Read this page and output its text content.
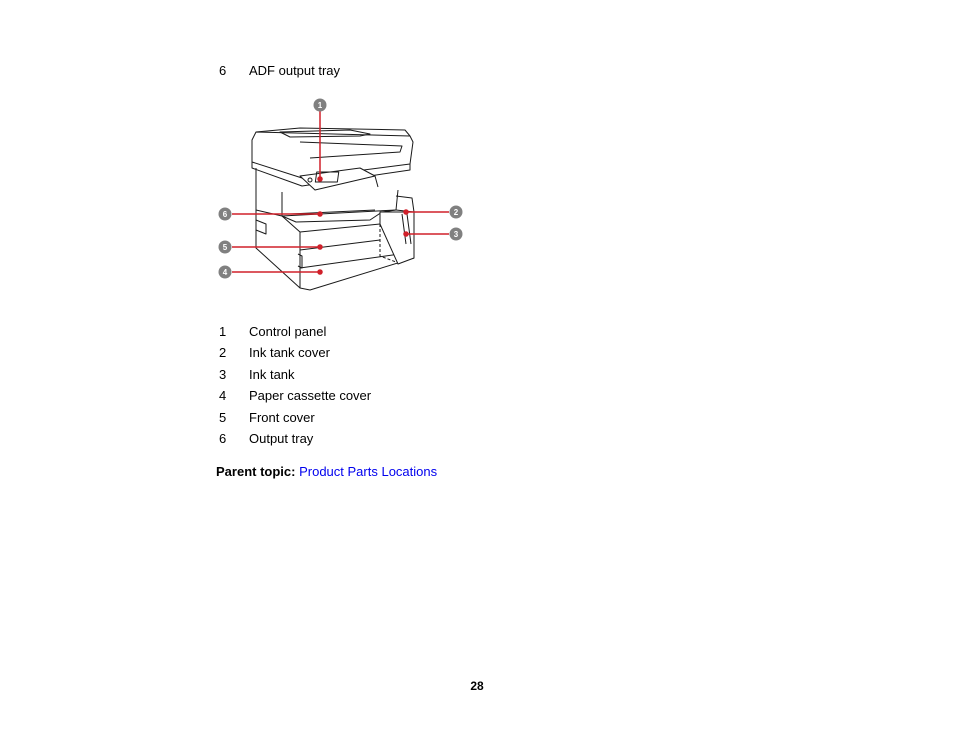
6 ADF output tray
1
2
3
4
5
6
1 Control panel
2 Ink tank cover
3 Ink tank
4 Paper cassette cover
5 Front cover
6 Output tray
Parent topic: Product Parts Locations
28
